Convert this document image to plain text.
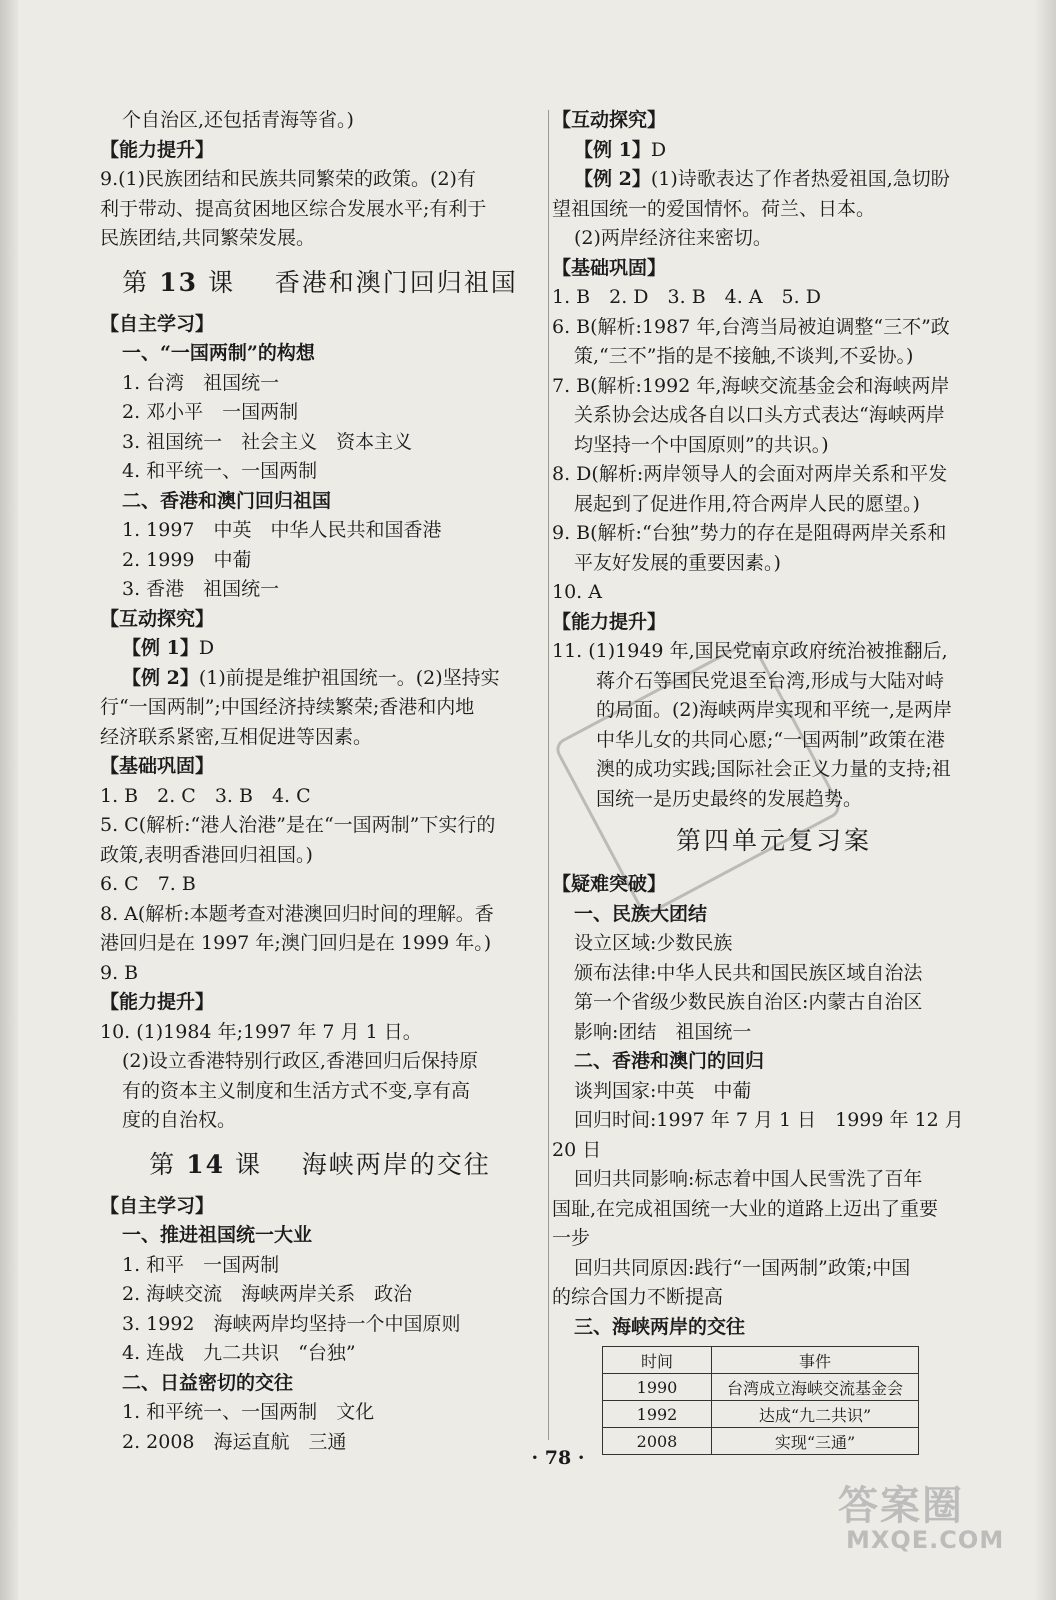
个自治区,还包括青海等省。)
【能力提升】
9.(1)民族团结和民族共同繁荣的政策。(2)有
利于带动、提高贫困地区综合发展水平;有利于
民族团结,共同繁荣发展。
第 13 课 香港和澳门回归祖国
【自主学习】
一、“一国两制”的构想
1. 台湾　祖国统一
2. 邓小平　一国两制
3. 祖国统一　社会主义　资本主义
4. 和平统一、一国两制
二、香港和澳门回归祖国
1. 1997　中英　中华人民共和国香港
2. 1999　中葡
3. 香港　祖国统一
【互动探究】
【例 1】D
【例 2】(1)前提是维护祖国统一。(2)坚持实
行“一国两制”;中国经济持续繁荣;香港和内地
经济联系紧密,互相促进等因素。
【基础巩固】
1. B　2. C　3. B　4. C
5. C(解析:“港人治港”是在“一国两制”下实行的
政策,表明香港回归祖国。)
6. C　7. B
8. A(解析:本题考查对港澳回归时间的理解。香
港回归是在 1997 年;澳门回归是在 1999 年。)
9. B
【能力提升】
10. (1)1984 年;1997 年 7 月 1 日。
(2)设立香港特别行政区,香港回归后保持原
有的资本主义制度和生活方式不变,享有高
度的自治权。
第 14 课 海峡两岸的交往
【自主学习】
一、推进祖国统一大业
1. 和平　一国两制
2. 海峡交流　海峡两岸关系　政治
3. 1992　海峡两岸均坚持一个中国原则
4. 连战　九二共识　“台独”
二、日益密切的交往
1. 和平统一、一国两制　文化
2. 2008　海运直航　三通
【互动探究】
【例 1】D
【例 2】(1)诗歌表达了作者热爱祖国,急切盼
望祖国统一的爱国情怀。荷兰、日本。
(2)两岸经济往来密切。
【基础巩固】
1. B　2. D　3. B　4. A　5. D
6. B(解析:1987 年,台湾当局被迫调整“三不”政
策,“三不”指的是不接触,不谈判,不妥协。)
7. B(解析:1992 年,海峡交流基金会和海峡两岸
关系协会达成各自以口头方式表达“海峡两岸
均坚持一个中国原则”的共识。)
8. D(解析:两岸领导人的会面对两岸关系和平发
展起到了促进作用,符合两岸人民的愿望。)
9. B(解析:“台独”势力的存在是阻碍两岸关系和
平友好发展的重要因素。)
10. A
【能力提升】
11. (1)1949 年,国民党南京政府统治被推翻后,
蒋介石等国民党退至台湾,形成与大陆对峙
的局面。(2)海峡两岸实现和平统一,是两岸
中华儿女的共同心愿;“一国两制”政策在港
澳的成功实践;国际社会正义力量的支持;祖
国统一是历史最终的发展趋势。
第四单元复习案
【疑难突破】
一、民族大团结
设立区域:少数民族
颁布法律:中华人民共和国民族区域自治法
第一个省级少数民族自治区:内蒙古自治区
影响:团结　祖国统一
二、香港和澳门的回归
谈判国家:中英　中葡
回归时间:1997 年 7 月 1 日　1999 年 12 月
20 日
回归共同影响:标志着中国人民雪洗了百年
国耻,在完成祖国统一大业的道路上迈出了重要
一步
回归共同原因:践行“一国两制”政策;中国
的综合国力不断提高
三、海峡两岸的交往
时间	事件
1990	台湾成立海峡交流基金会
1992	达成“九二共识”
2008	实现“三通”
· 78 ·
答案圈
MXQE.COM
